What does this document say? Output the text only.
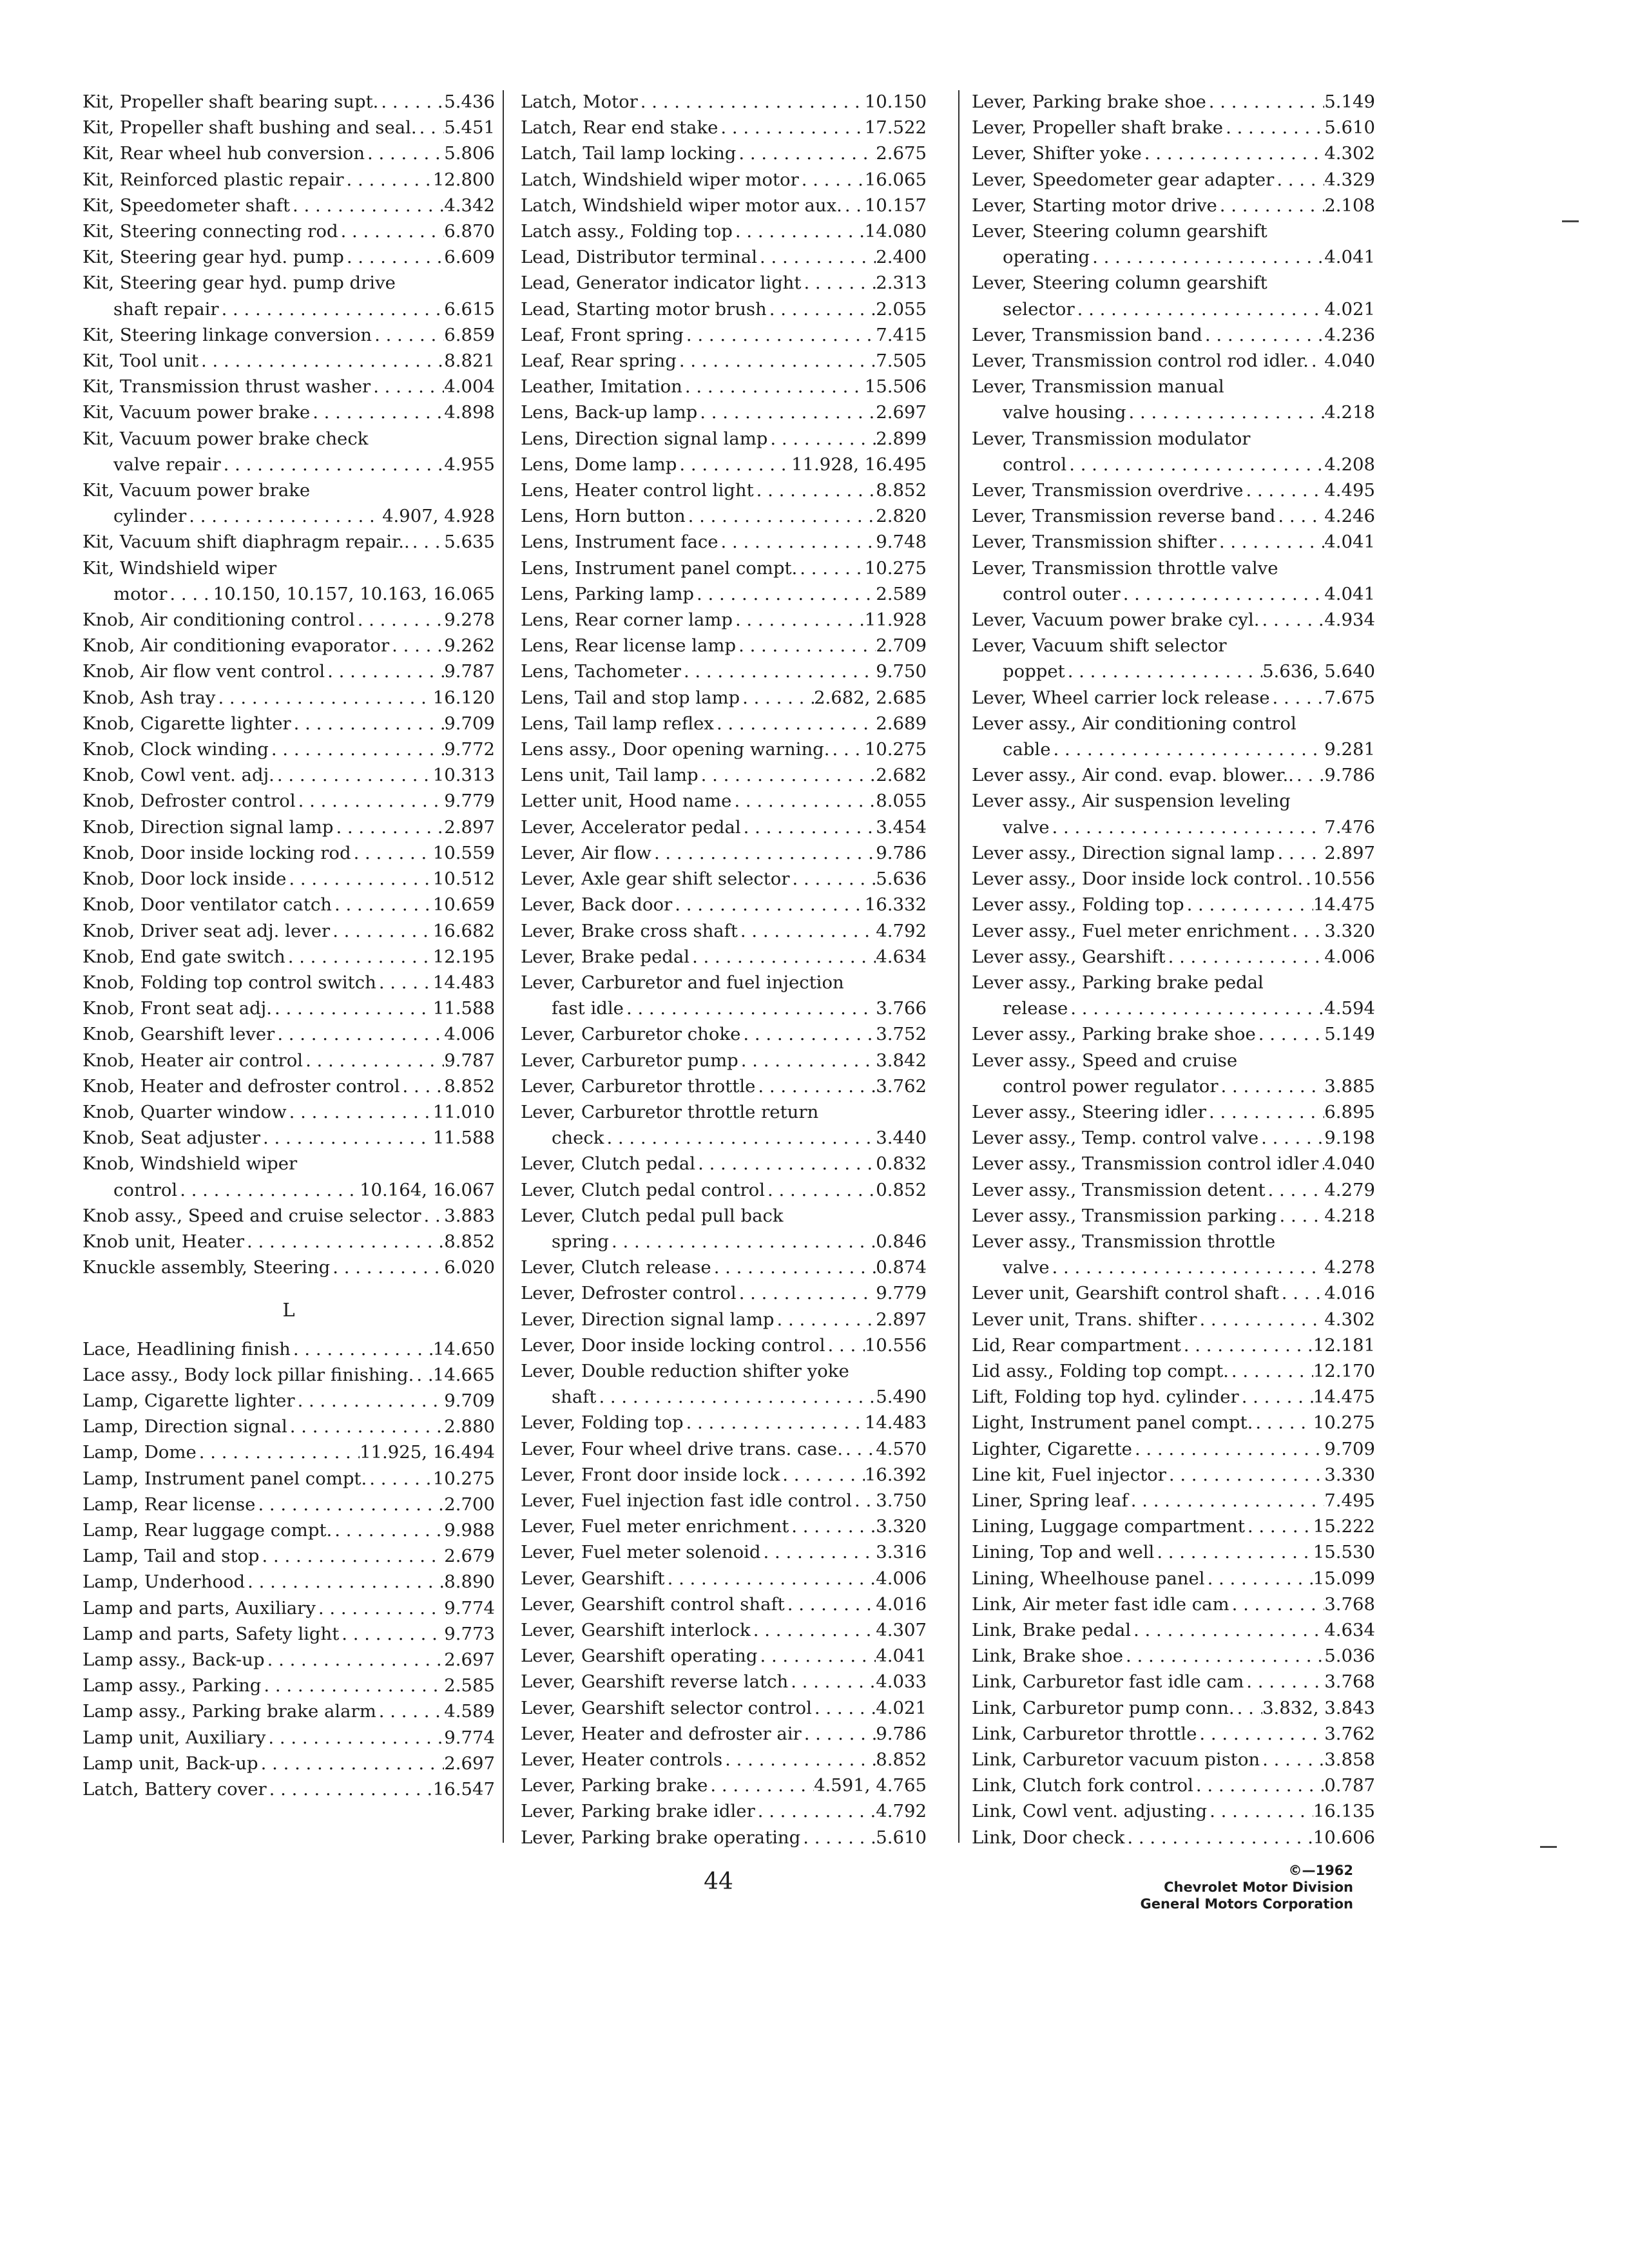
Kit, Propeller shaft bearing supt. . . .	5.436
Kit, Propeller shaft bushing and seal. . . . 5.451
Kit, Rear wheel hub conversion . . .	5.806
Kit, Reinforced plastic repair . . .	12.800
Kit, Speedometer shaft . . .	4.342
Kit, Steering connecting rod . . .	6.870
Kit, Steering gear hyd. pump . . .	6.609
Kit, Steering gear hyd. pump drive
shaft repair . . .	6.615
Kit, Steering linkage conversion . . .	6.859
Kit, Tool unit . . .	8.821
Kit, Transmission thrust washer . . .	4.004
Kit, Vacuum power brake . . .	4.898
Kit, Vacuum power brake check
valve repair . . .	4.955
Kit, Vacuum power brake
cylinder . . .	4.907, 4.928
Kit, Vacuum shift diaphragm repair.. . . . 5.635
Kit, Windshield wiper
motor . . .	10.150, 10.157, 10.163, 16.065
Knob, Air conditioning control . . .	9.278
Knob, Air conditioning evaporator . . .	9.262
Knob, Air flow vent control . . .	9.787
Knob, Ash tray . . .	16.120
Knob, Cigarette lighter . . .	9.709
Knob, Clock winding . . .	9.772
Knob, Cowl vent. adj. . . .	10.313
Knob, Defroster control . . .	9.779
Knob, Direction signal lamp . . .	2.897
Knob, Door inside locking rod . . .	10.559
Knob, Door lock inside . . .	10.512
Knob, Door ventilator catch . . .	10.659
Knob, Driver seat adj. lever . . .	16.682
Knob, End gate switch . . .	12.195
Knob, Folding top control switch . . .	14.483
Knob, Front seat adj. . . .	11.588
Knob, Gearshift lever . . .	4.006
Knob, Heater air control . . .	9.787
Knob, Heater and defroster control . . . 8.852
Knob, Quarter window . . .	11.010
Knob, Seat adjuster . . .	11.588
Knob, Windshield wiper
control . . .	10.164, 16.067
Knob assy., Speed and cruise selector . . . 3.883
Knob unit, Heater . . .	8.852
Knuckle assembly, Steering . . .	6.020
L
Lace, Headlining finish . . .	14.650
Lace assy., Body lock pillar finishing. . . . 14.665
Lamp, Cigarette lighter . . .	9.709
Lamp, Direction signal . . .	2.880
Lamp, Dome . . .	11.925, 16.494
Lamp, Instrument panel compt. . . .	10.275
Lamp, Rear license . . .	2.700
Lamp, Rear luggage compt. . . .	9.988
Lamp, Tail and stop . . .	2.679
Lamp, Underhood . . .	8.890
Lamp and parts, Auxiliary . . .	9.774
Lamp and parts, Safety light . . .	9.773
Lamp assy., Back-up . . .	2.697
Lamp assy., Parking . . .	2.585
Lamp assy., Parking brake alarm . . .	4.589
Lamp unit, Auxiliary . . .	9.774
Lamp unit, Back-up . . .	2.697
Latch, Battery cover . . .	16.547
Latch, Motor . . .	10.150
Latch, Rear end stake . . .	17.522
Latch, Tail lamp locking . . .	2.675
Latch, Windshield wiper motor . . .	16.065
Latch, Windshield wiper motor aux. . . . 10.157
Latch assy., Folding top . . .	14.080
Lead, Distributor terminal . . .	2.400
Lead, Generator indicator light . . .	2.313
Lead, Starting motor brush . . .	2.055
Leaf, Front spring . . .	7.415
Leaf, Rear spring . . .	7.505
Leather, Imitation . . .	15.506
Lens, Back-up lamp . . .	2.697
Lens, Direction signal lamp . . .	2.899
Lens, Dome lamp . . .	11.928, 16.495
Lens, Heater control light . . .	8.852
Lens, Horn button . . .	2.820
Lens, Instrument face . . .	9.748
Lens, Instrument panel compt. . . .	10.275
Lens, Parking lamp . . .	2.589
Lens, Rear corner lamp . . .	11.928
Lens, Rear license lamp . . .	2.709
Lens, Tachometer . . .	9.750
Lens, Tail and stop lamp . . .	2.682, 2.685
Lens, Tail lamp reflex . . .	2.689
Lens assy., Door opening warning. . . . 10.275
Lens unit, Tail lamp . . .	2.682
Letter unit, Hood name . . .	8.055
Lever, Accelerator pedal . . .	3.454
Lever, Air flow . . .	9.786
Lever, Axle gear shift selector . . .	5.636
Lever, Back door . . .	16.332
Lever, Brake cross shaft . . .	4.792
Lever, Brake pedal . . .	4.634
Lever, Carburetor and fuel injection
fast idle . . .	3.766
Lever, Carburetor choke . . .	3.752
Lever, Carburetor pump . . .	3.842
Lever, Carburetor throttle . . .	3.762
Lever, Carburetor throttle return
check . . .	3.440
Lever, Clutch pedal . . .	0.832
Lever, Clutch pedal control . . .	0.852
Lever, Clutch pedal pull back
spring . . .	0.846
Lever, Clutch release . . .	0.874
Lever, Defroster control . . .	9.779
Lever, Direction signal lamp . . .	2.897
Lever, Door inside locking control . . . 10.556
Lever, Double reduction shifter yoke
shaft . . .	5.490
Lever, Folding top . . .	14.483
Lever, Four wheel drive trans. case. . . . 4.570
Lever, Front door inside lock . . .	16.392
Lever, Fuel injection fast idle control . . . 3.750
Lever, Fuel meter enrichment . . .	3.320
Lever, Fuel meter solenoid . . .	3.316
Lever, Gearshift . . .	4.006
Lever, Gearshift control shaft . . .	4.016
Lever, Gearshift interlock . . .	4.307
Lever, Gearshift operating . . .	4.041
Lever, Gearshift reverse latch . . .	4.033
Lever, Gearshift selector control . . .	4.021
Lever, Heater and defroster air . . .	9.786
Lever, Heater controls . . .	8.852
Lever, Parking brake . . .	4.591, 4.765
Lever, Parking brake idler . . .	4.792
Lever, Parking brake operating . . .	5.610
Lever, Parking brake shoe . . .	5.149
Lever, Propeller shaft brake . . .	5.610
Lever, Shifter yoke . . .	4.302
Lever, Speedometer gear adapter . . .	4.329
Lever, Starting motor drive . . .	2.108
Lever, Steering column gearshift
operating . . .	4.041
Lever, Steering column gearshift
selector . . .	4.021
Lever, Transmission band . . .	4.236
Lever, Transmission control rod idler. . . . 4.040
Lever, Transmission manual
valve housing . . .	4.218
Lever, Transmission modulator
control . . .	4.208
Lever, Transmission overdrive . . .	4.495
Lever, Transmission reverse band . . .	4.246
Lever, Transmission shifter . . .	4.041
Lever, Transmission throttle valve
control outer . . .	4.041
Lever, Vacuum power brake cyl. . . .	4.934
Lever, Vacuum shift selector
poppet . . .	5.636, 5.640
Lever, Wheel carrier lock release . . .	7.675
Lever assy., Air conditioning control
cable . . .	9.281
Lever assy., Air cond. evap. blower.. . . . 9.786
Lever assy., Air suspension leveling
valve . . .	7.476
Lever assy., Direction signal lamp . . .	2.897
Lever assy., Door inside lock control. . . . 10.556
Lever assy., Folding top . . .	14.475
Lever assy., Fuel meter enrichment . . . 3.320
Lever assy., Gearshift . . .	4.006
Lever assy., Parking brake pedal
release . . .	4.594
Lever assy., Parking brake shoe . . .	5.149
Lever assy., Speed and cruise
control power regulator . . .	3.885
Lever assy., Steering idler . . .	6.895
Lever assy., Temp. control valve . . .	9.198
Lever assy., Transmission control idler . . . 4.040
Lever assy., Transmission detent . . .	4.279
Lever assy., Transmission parking . . .	4.218
Lever assy., Transmission throttle
valve . . .	4.278
Lever unit, Gearshift control shaft . . .	4.016
Lever unit, Trans. shifter . . .	4.302
Lid, Rear compartment . . .	12.181
Lid assy., Folding top compt. . . .	12.170
Lift, Folding top hyd. cylinder . . .	14.475
Light, Instrument panel compt. . . .	10.275
Lighter, Cigarette . . .	9.709
Line kit, Fuel injector . . .	3.330
Liner, Spring leaf . . .	7.495
Lining, Luggage compartment . . .	15.222
Lining, Top and well . . .	15.530
Lining, Wheelhouse panel . . .	15.099
Link, Air meter fast idle cam . . .	3.768
Link, Brake pedal . . .	4.634
Link, Brake shoe . . .	5.036
Link, Carburetor fast idle cam . . .	3.768
Link, Carburetor pump conn. . . . 3.832, 3.843
Link, Carburetor throttle . . .	3.762
Link, Carburetor vacuum piston . . .	3.858
Link, Clutch fork control . . .	0.787
Link, Cowl vent. adjusting . . .	16.135
Link, Door check . . .	10.606
44	©—1962
Chevrolet Motor Division
General Motors Corporation
